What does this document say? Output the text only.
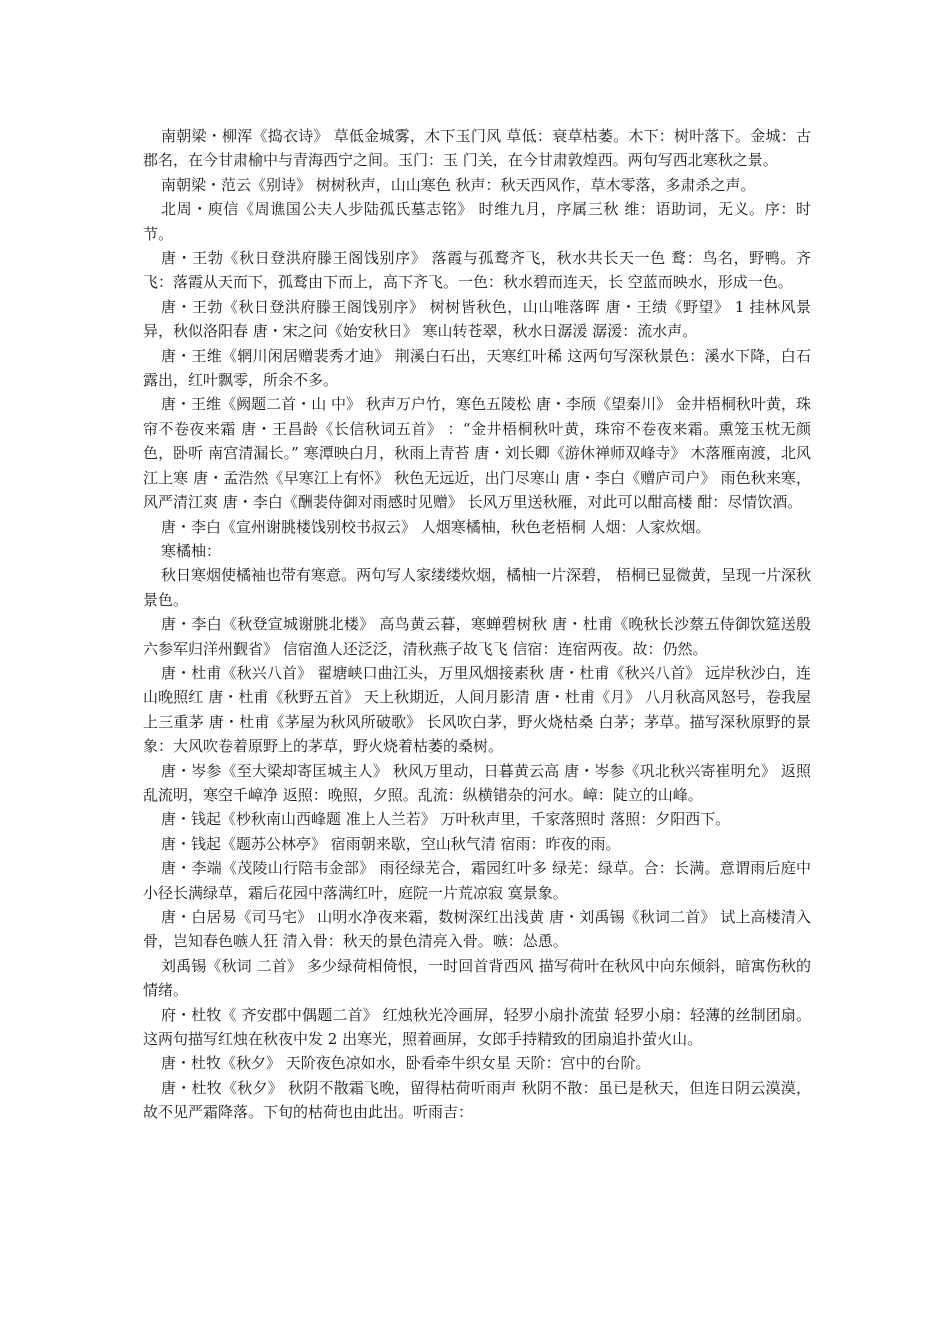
南朝梁・柳浑《捣衣诗》 草低金城雾，木下玉门风 草低：衰草枯萎。木下：树叶落下。金城：古郡名，在今甘肃榆中与青海西宁之间。玉门：玉 门关，在今甘肃敦煌西。两句写西北寒秋之景。

南朝梁・范云《别诗》 树树秋声，山山寒色 秋声：秋天西风作，草木零落，多肃杀之声。

北周・庾信《周谯国公夫人步陆孤氏墓志铭》 时维九月，序属三秋 维：语助词，无义。序：时节。

唐・王勃《秋日登洪府滕王阁饯别序》 落霞与孤鹜齐飞，秋水共长天一色 鹜：鸟名，野鸭。齐飞：落霞从天而下，孤鹜由下而上，高下齐飞。一色：秋水碧而连天，长 空蓝而映水，形成一色。

唐・王勃《秋日登洪府滕王阁饯别序》 树树皆秋色，山山唯落晖 唐・王绩《野望》 1 挂林风景异，秋似洛阳春 唐・宋之问《始安秋日》 寒山转苍翠，秋水日潺湲 潺湲：流水声。

唐・王维《辋川闲居赠裴秀才迪》 荆溪白石出，天寒红叶稀 这两句写深秋景色：溪水下降，白石露出，红叶飘零，所余不多。

唐・王维《阙题二首・山 中》 秋声万户竹，寒色五陵松 唐・李颀《望秦川》 金井梧桐秋叶黄，珠帘不卷夜来霜 唐・王昌龄《长信秋词五首》 ：“金井梧桐秋叶黄，珠帘不卷夜来霜。熏笼玉枕无颜色，卧听 南宫清漏长。” 寒潭映白月，秋雨上青苔 唐・刘长卿《游休禅师双峰寺》 木落雁南渡，北风江上寒 唐・孟浩然《早寒江上有怀》 秋色无远近，出门尽寒山 唐・李白《赠庐司户》 雨色秋来寒，风严清江爽 唐・李白《酬裴侍御对雨感时见赠》 长风万里送秋雁，对此可以酣高楼 酣：尽情饮酒。

唐・李白《宣州谢朓楼饯别校书叔云》 人烟寒橘柚，秋色老梧桐 人烟：人家炊烟。

寒橘柚：

秋日寒烟使橘袖也带有寒意。两句写人家缕缕炊烟，橘柚一片深碧， 梧桐已显微黄，呈现一片深秋景色。

唐・李白《秋登宣城谢朓北楼》 高鸟黄云暮，寒蝉碧树秋 唐・杜甫《晚秋长沙蔡五侍御饮筵送殷六参军归洋州觐省》 信宿渔人还泛泛，清秋燕子故飞飞 信宿：连宿两夜。故：仍然。

唐・杜甫《秋兴八首》 翟塘峡口曲江头，万里风烟接素秋 唐・杜甫《秋兴八首》 远岸秋沙白，连山晚照红 唐・杜甫《秋野五首》 天上秋期近，人间月影清 唐・杜甫《月》 八月秋高风怒号，卷我屋上三重茅 唐・杜甫《茅屋为秋风所破歌》 长风吹白茅，野火烧枯桑 白茅；茅草。描写深秋原野的景象：大风吹卷着原野上的茅草，野火烧着枯萎的桑树。

唐・岑参《至大梁却寄匡城主人》 秋风万里动，日暮黄云高 唐・岑参《巩北秋兴寄崔明允》 返照乱流明，寒空千嶂净 返照：晚照，夕照。乱流：纵横错杂的河水。嶂：陡立的山峰。

唐・钱起《杪秋南山西峰题 准上人兰若》 万叶秋声里，千家落照时 落照：夕阳西下。

唐・钱起《题苏公林亭》 宿雨朝来歇，空山秋气清 宿雨：昨夜的雨。

唐・李端《茂陵山行陪韦金部》 雨径绿芜合，霜园红叶多 绿芜：绿草。合：长满。意谓雨后庭中小径长满绿草，霜后花园中落满红叶，庭院一片荒凉寂 寞景象。

唐・白居易《司马宅》 山明水净夜来霜，数树深红出浅黄 唐・刘禹锡《秋词二首》 试上高楼清入骨，岂知春色嗾人狂 清入骨：秋天的景色清亮入骨。嗾：怂恿。

刘禹锡《秋词 二首》 多少绿荷相倚恨，一时回首背西风 描写荷叶在秋风中向东倾斜，暗寓伤秋的情绪。

府・杜牧《 齐安郡中偶题二首》 红烛秋光冷画屏，轻罗小扇扑流萤 轻罗小扇：轻薄的丝制团扇。这两句描写红烛在秋夜中发 2 出寒光，照着画屏，女郎手持精致的团扇追扑萤火山。

唐・杜牧《秋夕》 天阶夜色凉如水，卧看牵牛织女星 天阶：宫中的台阶。

唐・杜牧《秋夕》 秋阴不散霜飞晚，留得枯荷听雨声 秋阴不散：虽已是秋天，但连日阴云漠漠，故不见严霜降落。下旬的枯荷也由此出。听雨吉：
